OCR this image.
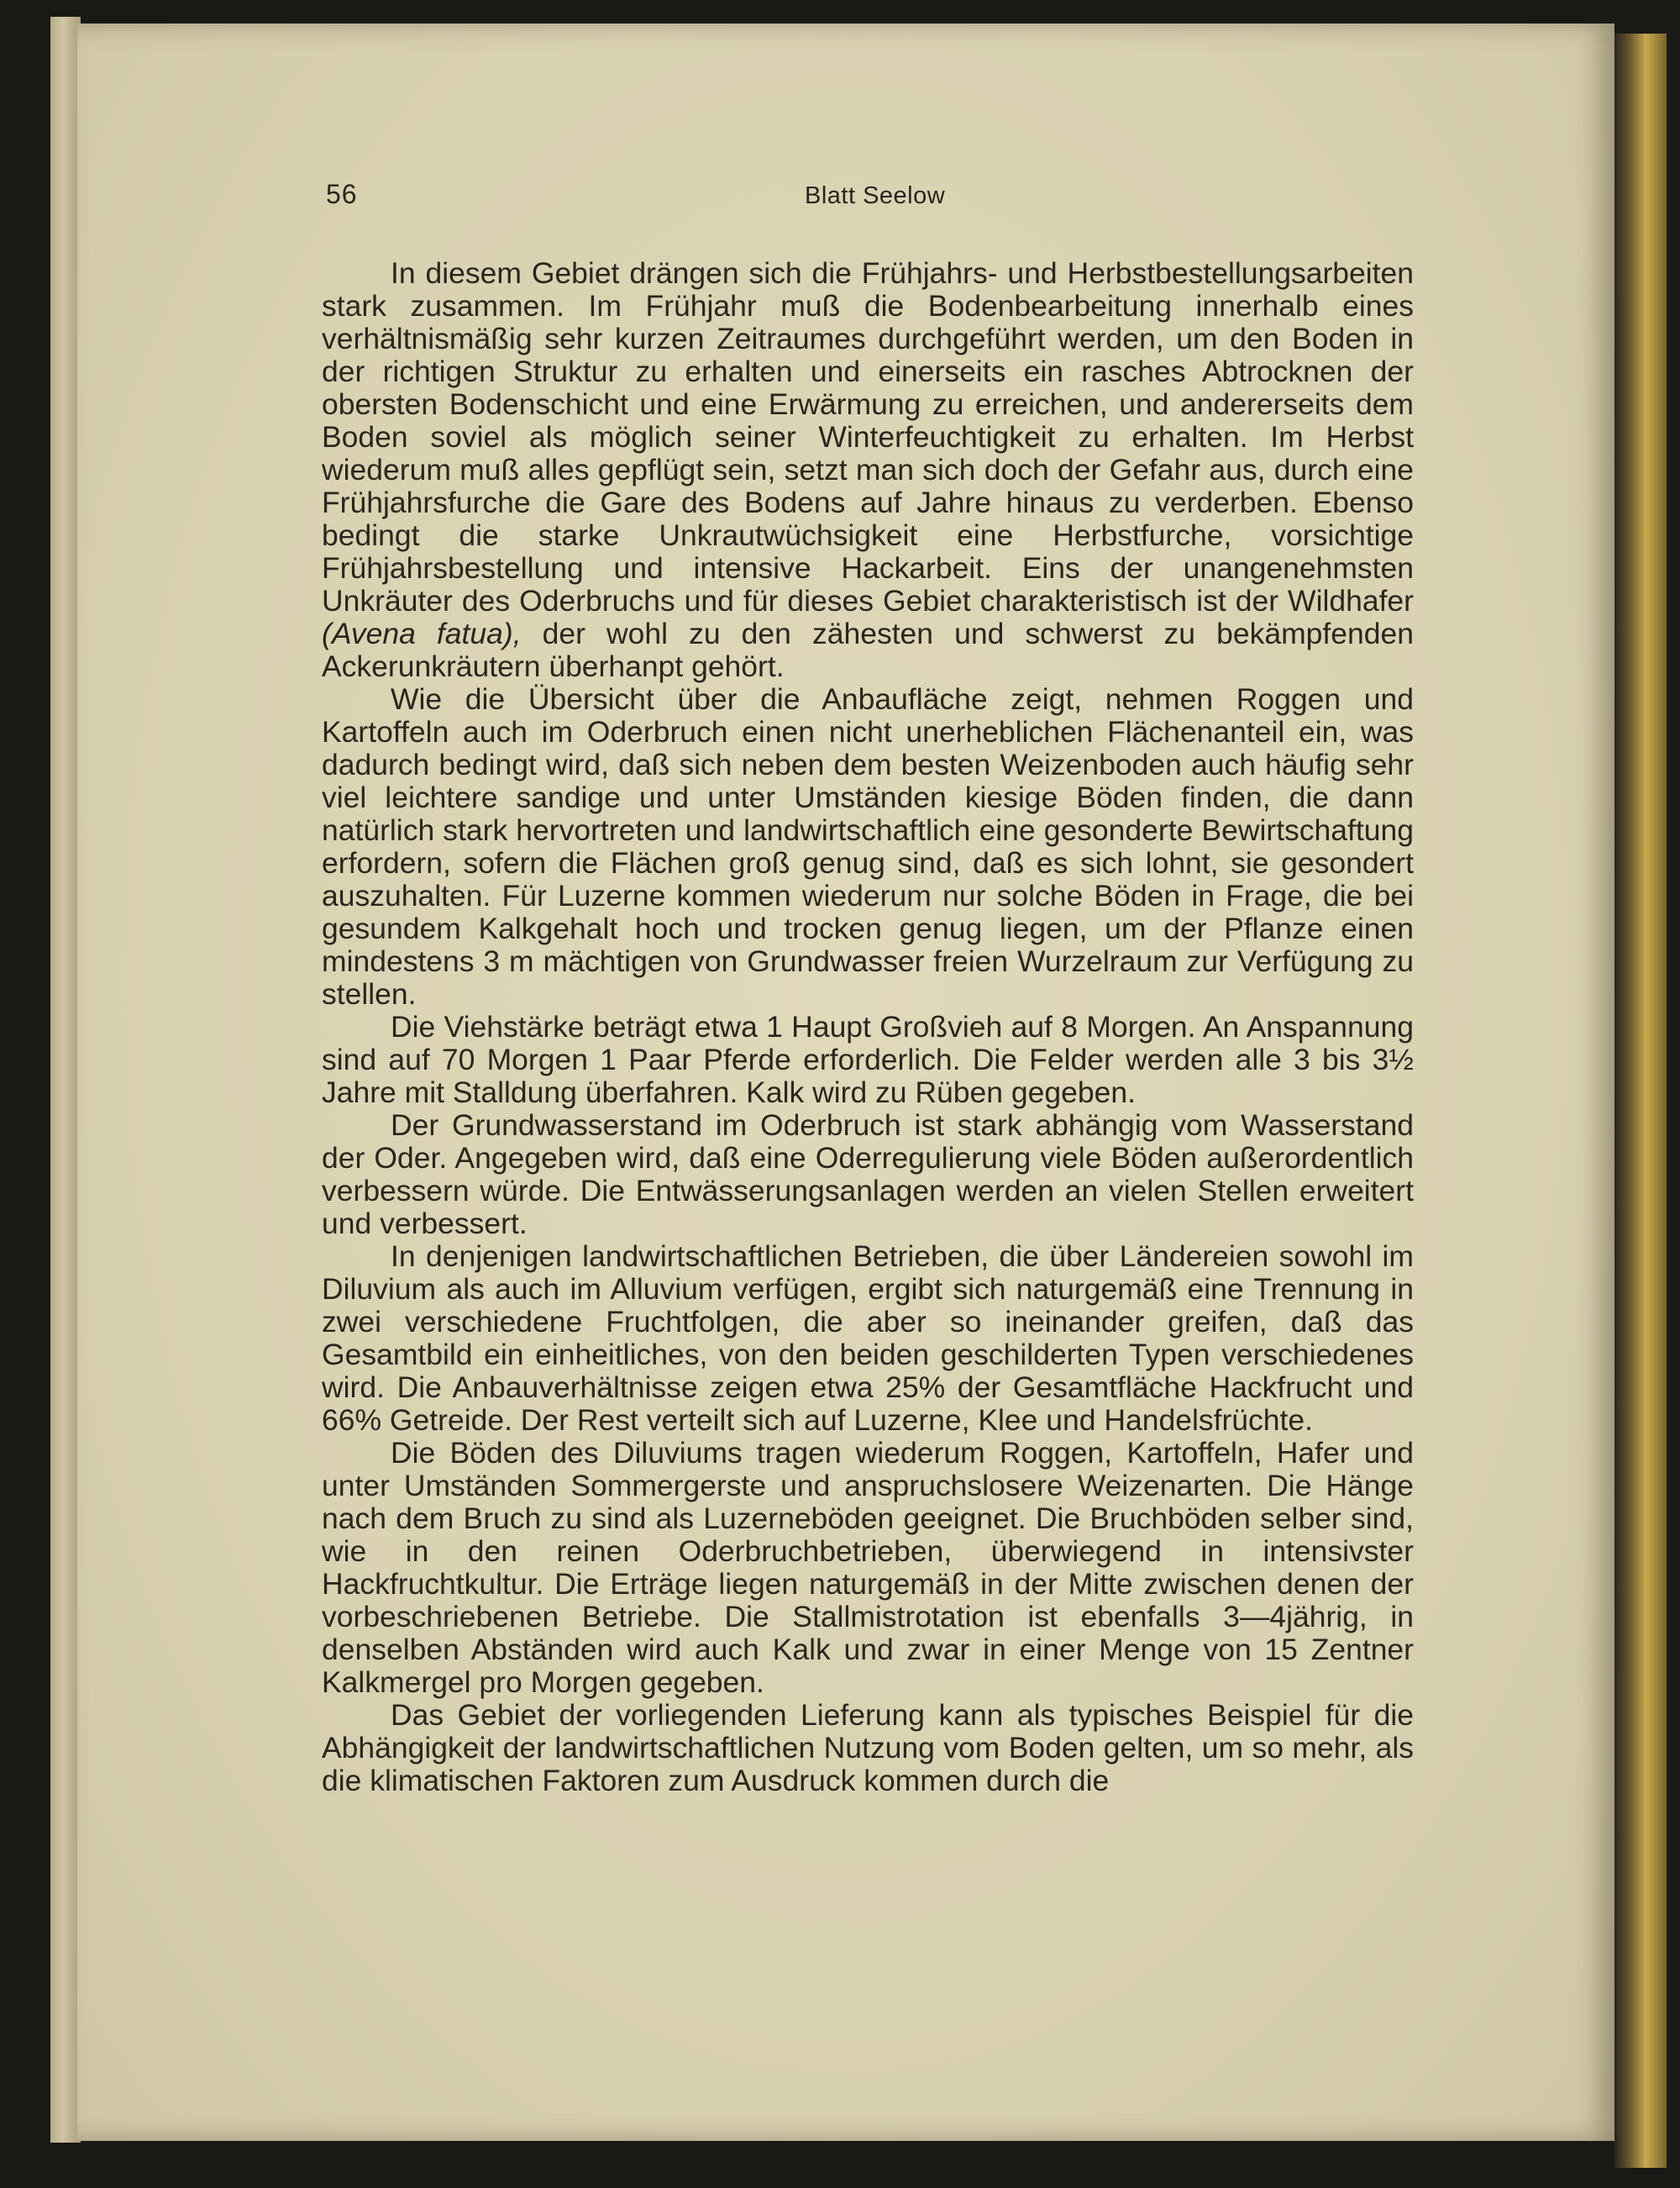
56	Blatt Seelow

In diesem Gebiet drängen sich die Frühjahrs- und Herbstbestellungsarbeiten stark zusammen. Im Frühjahr muß die Bodenbearbeitung innerhalb eines verhältnismäßig sehr kurzen Zeitraumes durchgeführt werden, um den Boden in der richtigen Struktur zu erhalten und einerseits ein rasches Abtrocknen der obersten Bodenschicht und eine Erwärmung zu erreichen, und andererseits dem Boden soviel als möglich seiner Winterfeuchtigkeit zu erhalten. Im Herbst wiederum muß alles gepflügt sein, setzt man sich doch der Gefahr aus, durch eine Frühjahrsfurche die Gare des Bodens auf Jahre hinaus zu verderben. Ebenso bedingt die starke Unkrautwüchsigkeit eine Herbstfurche, vorsichtige Frühjahrsbestellung und intensive Hackarbeit. Eins der unangenehmsten Unkräuter des Oderbruchs und für dieses Gebiet charakteristisch ist der Wildhafer (Avena fatua), der wohl zu den zähesten und schwerst zu bekämpfenden Ackerunkräutern überhanpt gehört.

Wie die Übersicht über die Anbaufläche zeigt, nehmen Roggen und Kartoffeln auch im Oderbruch einen nicht unerheblichen Flächenanteil ein, was dadurch bedingt wird, daß sich neben dem besten Weizenboden auch häufig sehr viel leichtere sandige und unter Umständen kiesige Böden finden, die dann natürlich stark hervortreten und landwirtschaftlich eine gesonderte Bewirtschaftung erfordern, sofern die Flächen groß genug sind, daß es sich lohnt, sie gesondert auszuhalten. Für Luzerne kommen wiederum nur solche Böden in Frage, die bei gesundem Kalkgehalt hoch und trocken genug liegen, um der Pflanze einen mindestens 3 m mächtigen von Grundwasser freien Wurzelraum zur Verfügung zu stellen.

Die Viehstärke beträgt etwa 1 Haupt Großvieh auf 8 Morgen. An Anspannung sind auf 70 Morgen 1 Paar Pferde erforderlich. Die Felder werden alle 3 bis 3½ Jahre mit Stalldung überfahren. Kalk wird zu Rüben gegeben.

Der Grundwasserstand im Oderbruch ist stark abhängig vom Wasserstand der Oder. Angegeben wird, daß eine Oderregulierung viele Böden außerordentlich verbessern würde. Die Entwässerungsanlagen werden an vielen Stellen erweitert und verbessert.

In denjenigen landwirtschaftlichen Betrieben, die über Ländereien sowohl im Diluvium als auch im Alluvium verfügen, ergibt sich naturgemäß eine Trennung in zwei verschiedene Fruchtfolgen, die aber so ineinander greifen, daß das Gesamtbild ein einheitliches, von den beiden geschilderten Typen verschiedenes wird. Die Anbauverhältnisse zeigen etwa 25% der Gesamtfläche Hackfrucht und 66% Getreide. Der Rest verteilt sich auf Luzerne, Klee und Handelsfrüchte.

Die Böden des Diluviums tragen wiederum Roggen, Kartoffeln, Hafer und unter Umständen Sommergerste und anspruchslosere Weizenarten. Die Hänge nach dem Bruch zu sind als Luzerneböden geeignet. Die Bruchböden selber sind, wie in den reinen Oderbruchbetrieben, überwiegend in intensivster Hackfruchtkultur. Die Erträge liegen naturgemäß in der Mitte zwischen denen der vorbeschriebenen Betriebe. Die Stallmistrotation ist ebenfalls 3—4jährig, in denselben Abständen wird auch Kalk und zwar in einer Menge von 15 Zentner Kalkmergel pro Morgen gegeben.

Das Gebiet der vorliegenden Lieferung kann als typisches Beispiel für die Abhängigkeit der landwirtschaftlichen Nutzung vom Boden gelten, um so mehr, als die klimatischen Faktoren zum Ausdruck kommen durch die
